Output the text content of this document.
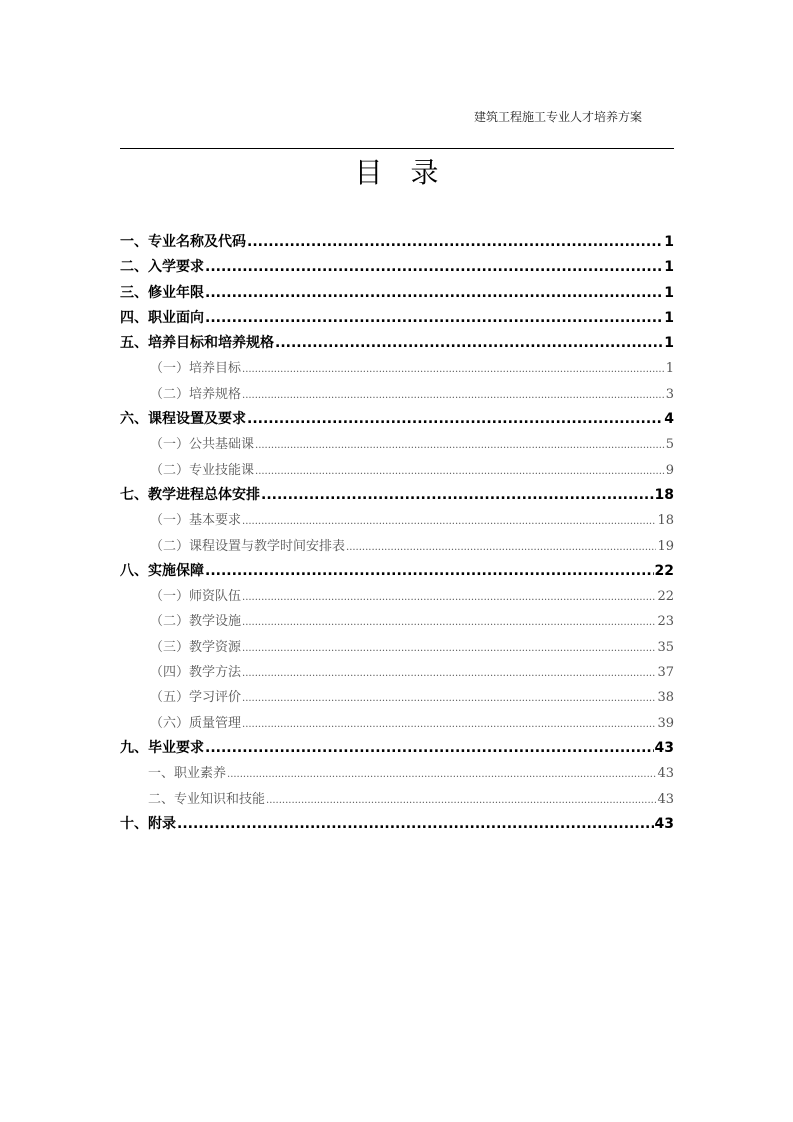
建筑工程施工专业人才培养方案
目录
一、专业名称及代码 .....	1
二、入学要求 .....	1
三、修业年限 .....	1
四、职业面向 .....	1
五、培养目标和培养规格 .....	1
（一）培养目标 .....	1
（二）培养规格 .....	3
六、课程设置及要求 .....	4
（一）公共基础课 .....	5
（二）专业技能课 .....	9
七、教学进程总体安排 .....	18
（一）基本要求 .....	18
（二）课程设置与教学时间安排表 .....	19
八、实施保障 .....	22
（一）师资队伍 .....	22
（二）教学设施 .....	23
（三）教学资源 .....	35
（四）教学方法 .....	37
（五）学习评价 .....	38
（六）质量管理 .....	39
九、毕业要求 .....	43
一、职业素养 .....	43
二、专业知识和技能 .....	43
十、附录 .....	43
